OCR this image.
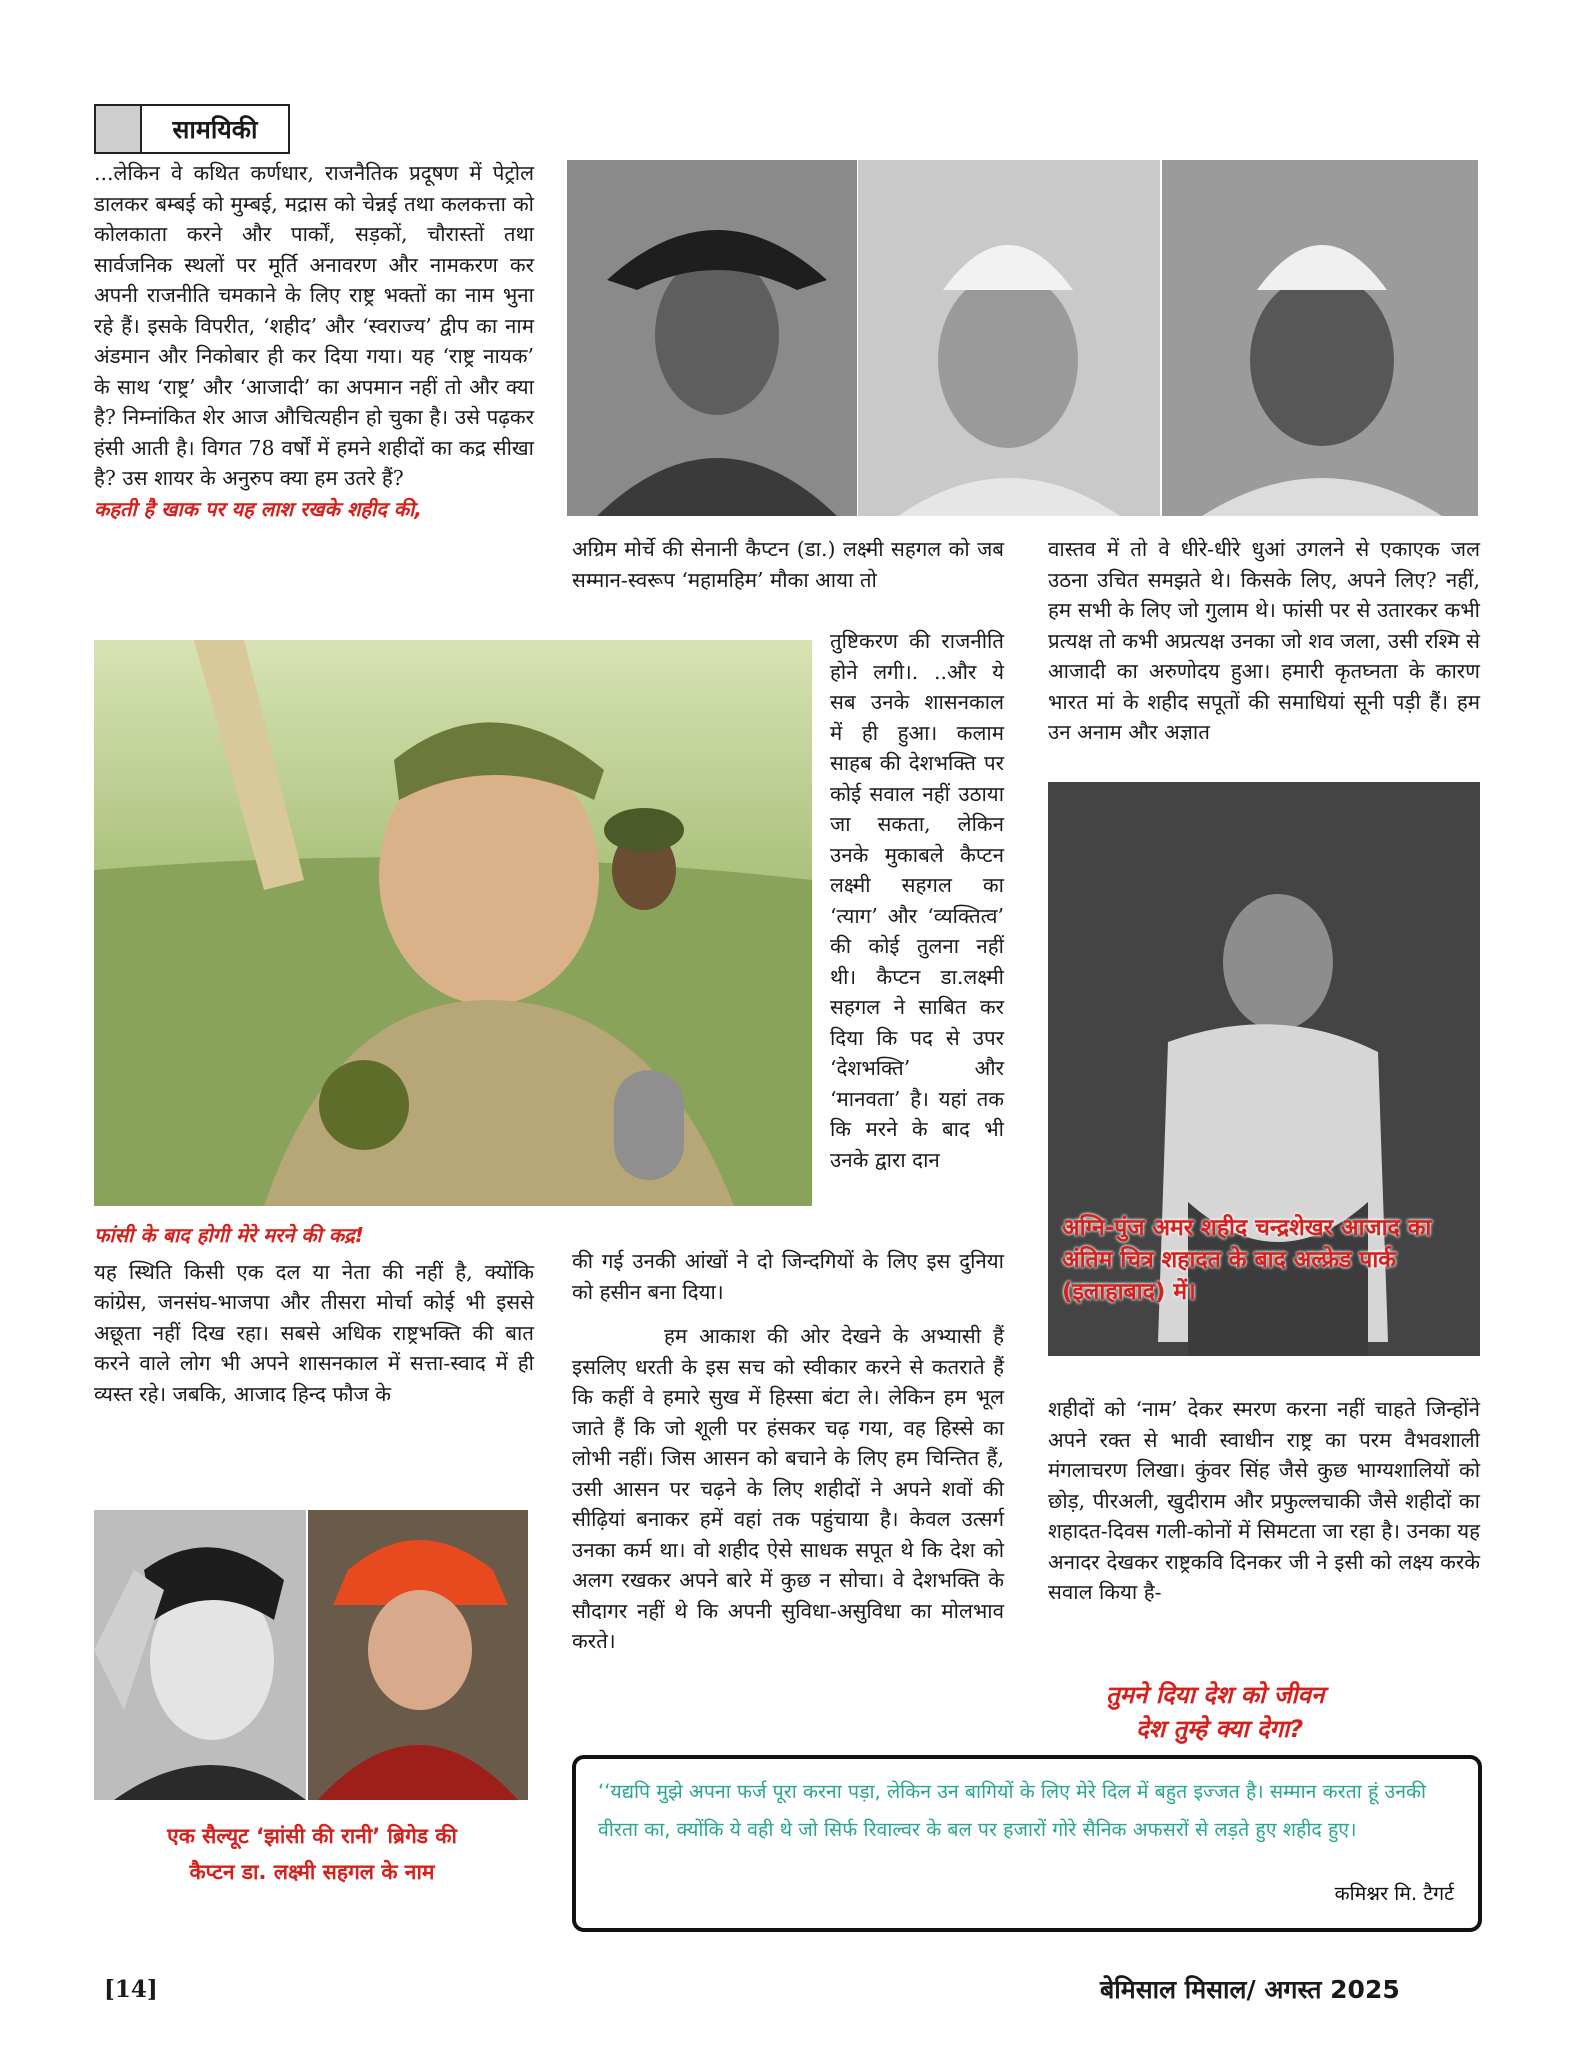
सामयिकी

...लेकिन वे कथित कर्णधार, राजनैतिक प्रदूषण में पेट्रोल डालकर बम्बई को मुम्बई, मद्रास को चेन्नई तथा कलकत्ता को कोलकाता करने और पार्कों, सड़कों, चौरास्तों तथा सार्वजनिक स्थलों पर मूर्ति अनावरण और नामकरण कर अपनी राजनीति चमकाने के लिए राष्ट्र भक्तों का नाम भुना रहे हैं। इसके विपरीत, ‘शहीद’ और ‘स्वराज्य’ द्वीप का नाम अंडमान और निकोबार ही कर दिया गया। यह ‘राष्ट्र नायक’ के साथ ‘राष्ट्र’ और ‘आजादी’ का अपमान नहीं तो और क्या है? निम्नांकित शेर आज औचित्यहीन हो चुका है। उसे पढ़कर हंसी आती है। विगत 78 वर्षों में हमने शहीदों का कद्र सीखा है? उस शायर के अनुरुप क्या हम उतरे हैं?

कहती है खाक पर यह लाश रखके शहीद की,

अग्रिम मोर्चे की सेनानी कैप्टन (डा.) लक्ष्मी सहगल को जब सम्मान-स्वरूप ‘महामहिम’ मौका आया तो

वास्तव में तो वे धीरे-धीरे धुआं उगलने से एकाएक जल उठना उचित समझते थे। किसके लिए, अपने लिए? नहीं, हम सभी के लिए जो गुलाम थे। फांसी पर से उतारकर कभी प्रत्यक्ष तो कभी अप्रत्यक्ष उनका जो शव जला, उसी रश्मि से आजादी का अरुणोदय हुआ। हमारी कृतघ्नता के कारण भारत मां के शहीद सपूतों की समाधियां सूनी पड़ी हैं। हम उन अनाम और अज्ञात

तुष्टिकरण की राजनीति होने लगी।. ..और ये सब उनके शासनकाल में ही हुआ। कलाम साहब की देशभक्ति पर कोई सवाल नहीं उठाया जा सकता, लेकिन उनके मुकाबले कैप्टन लक्ष्मी सहगल का ‘त्याग’ और ‘व्यक्तित्व’ की कोई तुलना नहीं थी। कैप्टन डा.लक्ष्मी सहगल ने साबित कर दिया कि पद से उपर ‘देशभक्ति’ और ‘मानवता’ है। यहां तक कि मरने के बाद भी उनके द्वारा दान

अग्नि-पुंज अमर शहीद चन्द्रशेखर आजाद का अंतिम चित्र शहादत के बाद अल्फ्रेड पार्क (इलाहाबाद) में।

फांसी के बाद होगी मेरे मरने की कद्र!

यह स्थिति किसी एक दल या नेता की नहीं है, क्योंकि कांग्रेस, जनसंघ-भाजपा और तीसरा मोर्चा कोई भी इससे अछूता नहीं दिख रहा। सबसे अधिक राष्ट्रभक्ति की बात करने वाले लोग भी अपने शासनकाल में सत्ता-स्वाद में ही व्यस्त रहे। जबकि, आजाद हिन्द फौज के

की गई उनकी आंखों ने दो जिन्दगियों के लिए इस दुनिया को हसीन बना दिया।

हम आकाश की ओर देखने के अभ्यासी हैं इसलिए धरती के इस सच को स्वीकार करने से कतराते हैं कि कहीं वे हमारे सुख में हिस्सा बंटा ले। लेकिन हम भूल जाते हैं कि जो शूली पर हंसकर चढ़ गया, वह हिस्से का लोभी नहीं। जिस आसन को बचाने के लिए हम चिन्तित हैं, उसी आसन पर चढ़ने के लिए शहीदों ने अपने शवों की सीढ़ियां बनाकर हमें वहां तक पहुंचाया है। केवल उत्सर्ग उनका कर्म था। वो शहीद ऐसे साधक सपूत थे कि देश को अलग रखकर अपने बारे में कुछ न सोचा। वे देशभक्ति के सौदागर नहीं थे कि अपनी सुविधा-असुविधा का मोलभाव करते।

शहीदों को ‘नाम’ देकर स्मरण करना नहीं चाहते जिन्होंने अपने रक्त से भावी स्वाधीन राष्ट्र का परम वैभवशाली मंगलाचरण लिखा। कुंवर सिंह जैसे कुछ भाग्यशालियों को छोड़, पीरअली, खुदीराम और प्रफुल्लचाकी जैसे शहीदों का शहादत-दिवस गली-कोनों में सिमटता जा रहा है। उनका यह अनादर देखकर राष्ट्रकवि दिनकर जी ने इसी को लक्ष्य करके सवाल किया है-

तुमने दिया देश को जीवन
देश तुम्हे क्या देगा?
एक सैल्यूट ‘झांसी की रानी’ ब्रिगेड की
कैप्टन डा. लक्ष्मी सहगल के नाम
‘‘यद्यपि मुझे अपना फर्ज पूरा करना पड़ा, लेकिन उन बागियों के लिए मेरे दिल में बहुत इज्जत है। सम्मान करता हूं उनकी वीरता का, क्योंकि ये वही थे जो सिर्फ रिवाल्वर के बल पर हजारों गोरे सैनिक अफसरों से लड़ते हुए शहीद हुए।
कमिश्नर मि. टैगर्ट
[14]	बेमिसाल मिसाल/ अगस्त 2025
